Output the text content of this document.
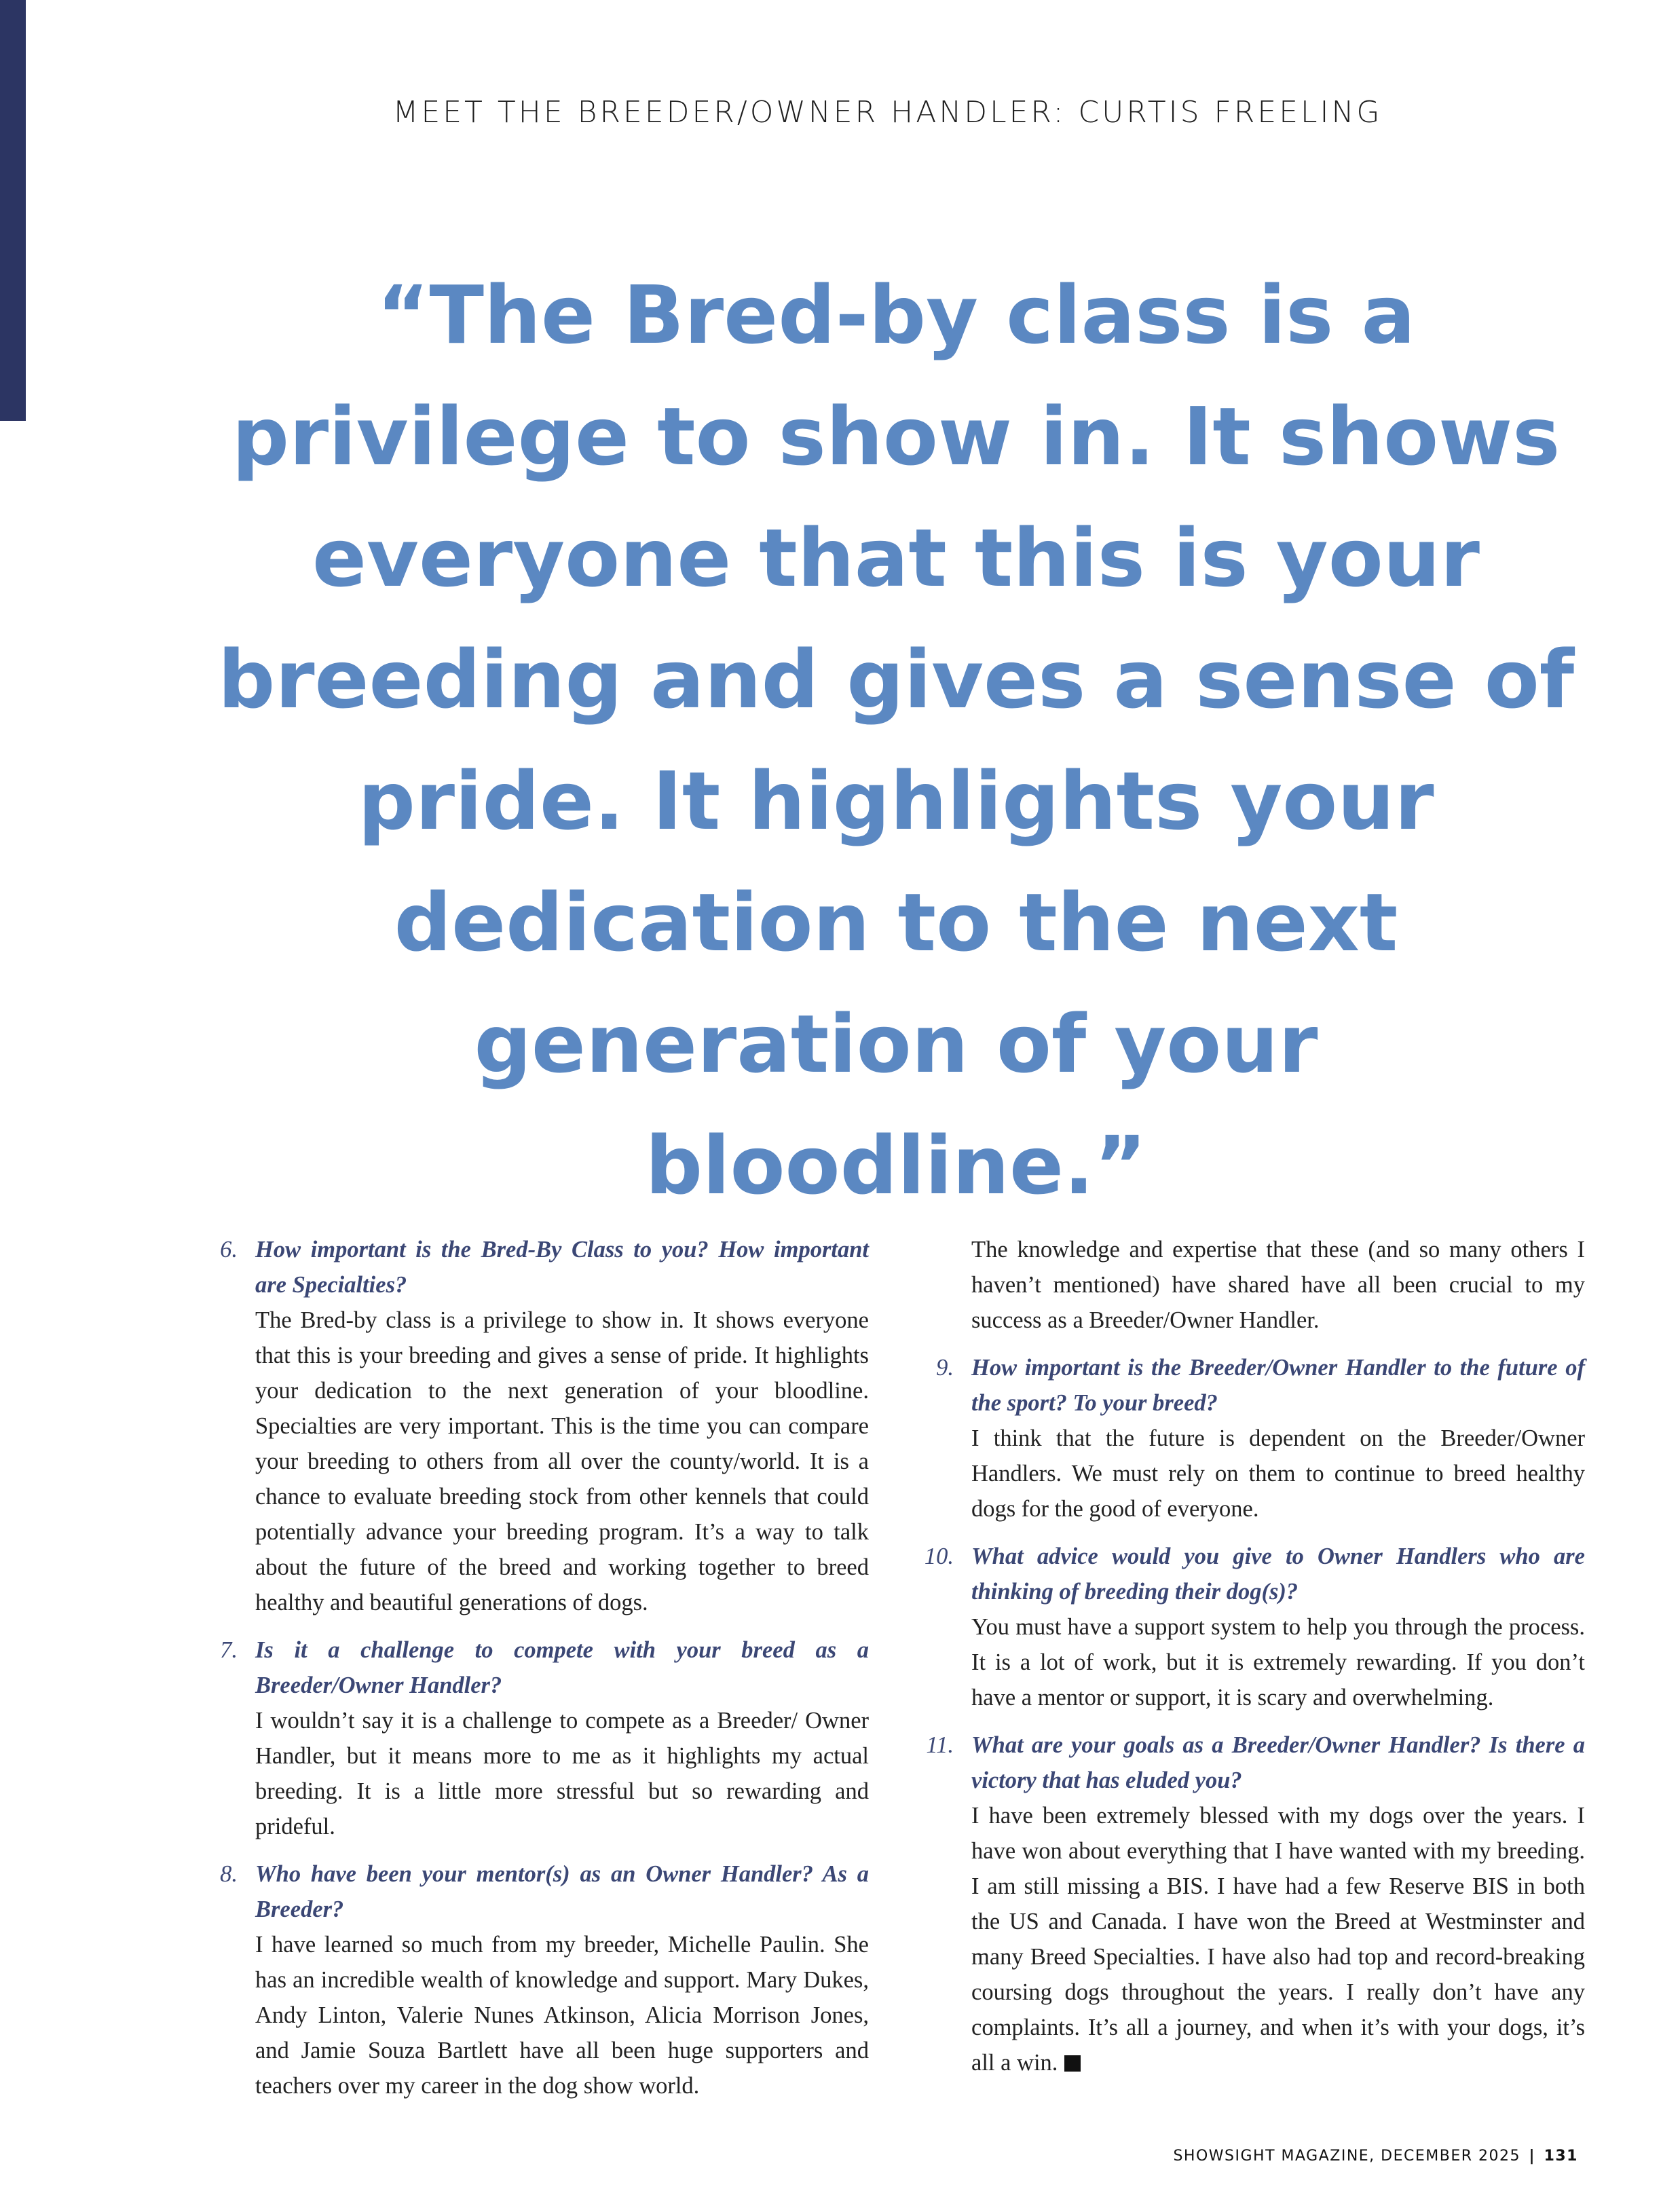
MEET THE BREEDER/OWNER HANDLER: CURTIS FREELING

“The Bred-by class is a privilege to show in. It shows everyone that this is your breeding and gives a sense of pride. It highlights your dedication to the next generation of your bloodline.”

6. How important is the Bred-By Class to you? How important are Specialties?

The Bred-by class is a privilege to show in. It shows everyone that this is your breeding and gives a sense of pride. It highlights your dedication to the next generation of your bloodline. Specialties are very important. This is the time you can compare your breeding to others from all over the county/world. It is a chance to evaluate breeding stock from other kennels that could potentially advance your breeding program. It’s a way to talk about the future of the breed and working together to breed healthy and beautiful generations of dogs.

7. Is it a challenge to compete with your breed as a Breeder/Owner Handler?

I wouldn’t say it is a challenge to compete as a Breeder/ Owner Handler, but it means more to me as it highlights my actual breeding. It is a little more stressful but so rewarding and prideful.

8. Who have been your mentor(s) as an Owner Handler? As a Breeder?

I have learned so much from my breeder, Michelle Paulin. She has an incredible wealth of knowledge and support. Mary Dukes, Andy Linton, Valerie Nunes Atkinson, Alicia Morrison Jones, and Jamie Souza Bartlett have all been huge supporters and teachers over my career in the dog show world.

The knowledge and expertise that these (and so many others I haven’t mentioned) have shared have all been crucial to my success as a Breeder/Owner Handler.

9. How important is the Breeder/Owner Handler to the future of the sport? To your breed?

I think that the future is dependent on the Breeder/Owner Handlers. We must rely on them to continue to breed healthy dogs for the good of everyone.

10. What advice would you give to Owner Handlers who are thinking of breeding their dog(s)?

You must have a support system to help you through the process. It is a lot of work, but it is extremely rewarding. If you don’t have a mentor or support, it is scary and overwhelming.

11. What are your goals as a Breeder/Owner Handler? Is there a victory that has eluded you?

I have been extremely blessed with my dogs over the years. I have won about everything that I have wanted with my breeding. I am still missing a BIS. I have had a few Reserve BIS in both the US and Canada. I have won the Breed at Westminster and many Breed Specialties. I have also had top and record-breaking coursing dogs throughout the years. I really don’t have any complaints. It’s all a journey, and when it’s with your dogs, it’s all a win.

SHOWSIGHT MAGAZINE, DECEMBER 2025 | 131
